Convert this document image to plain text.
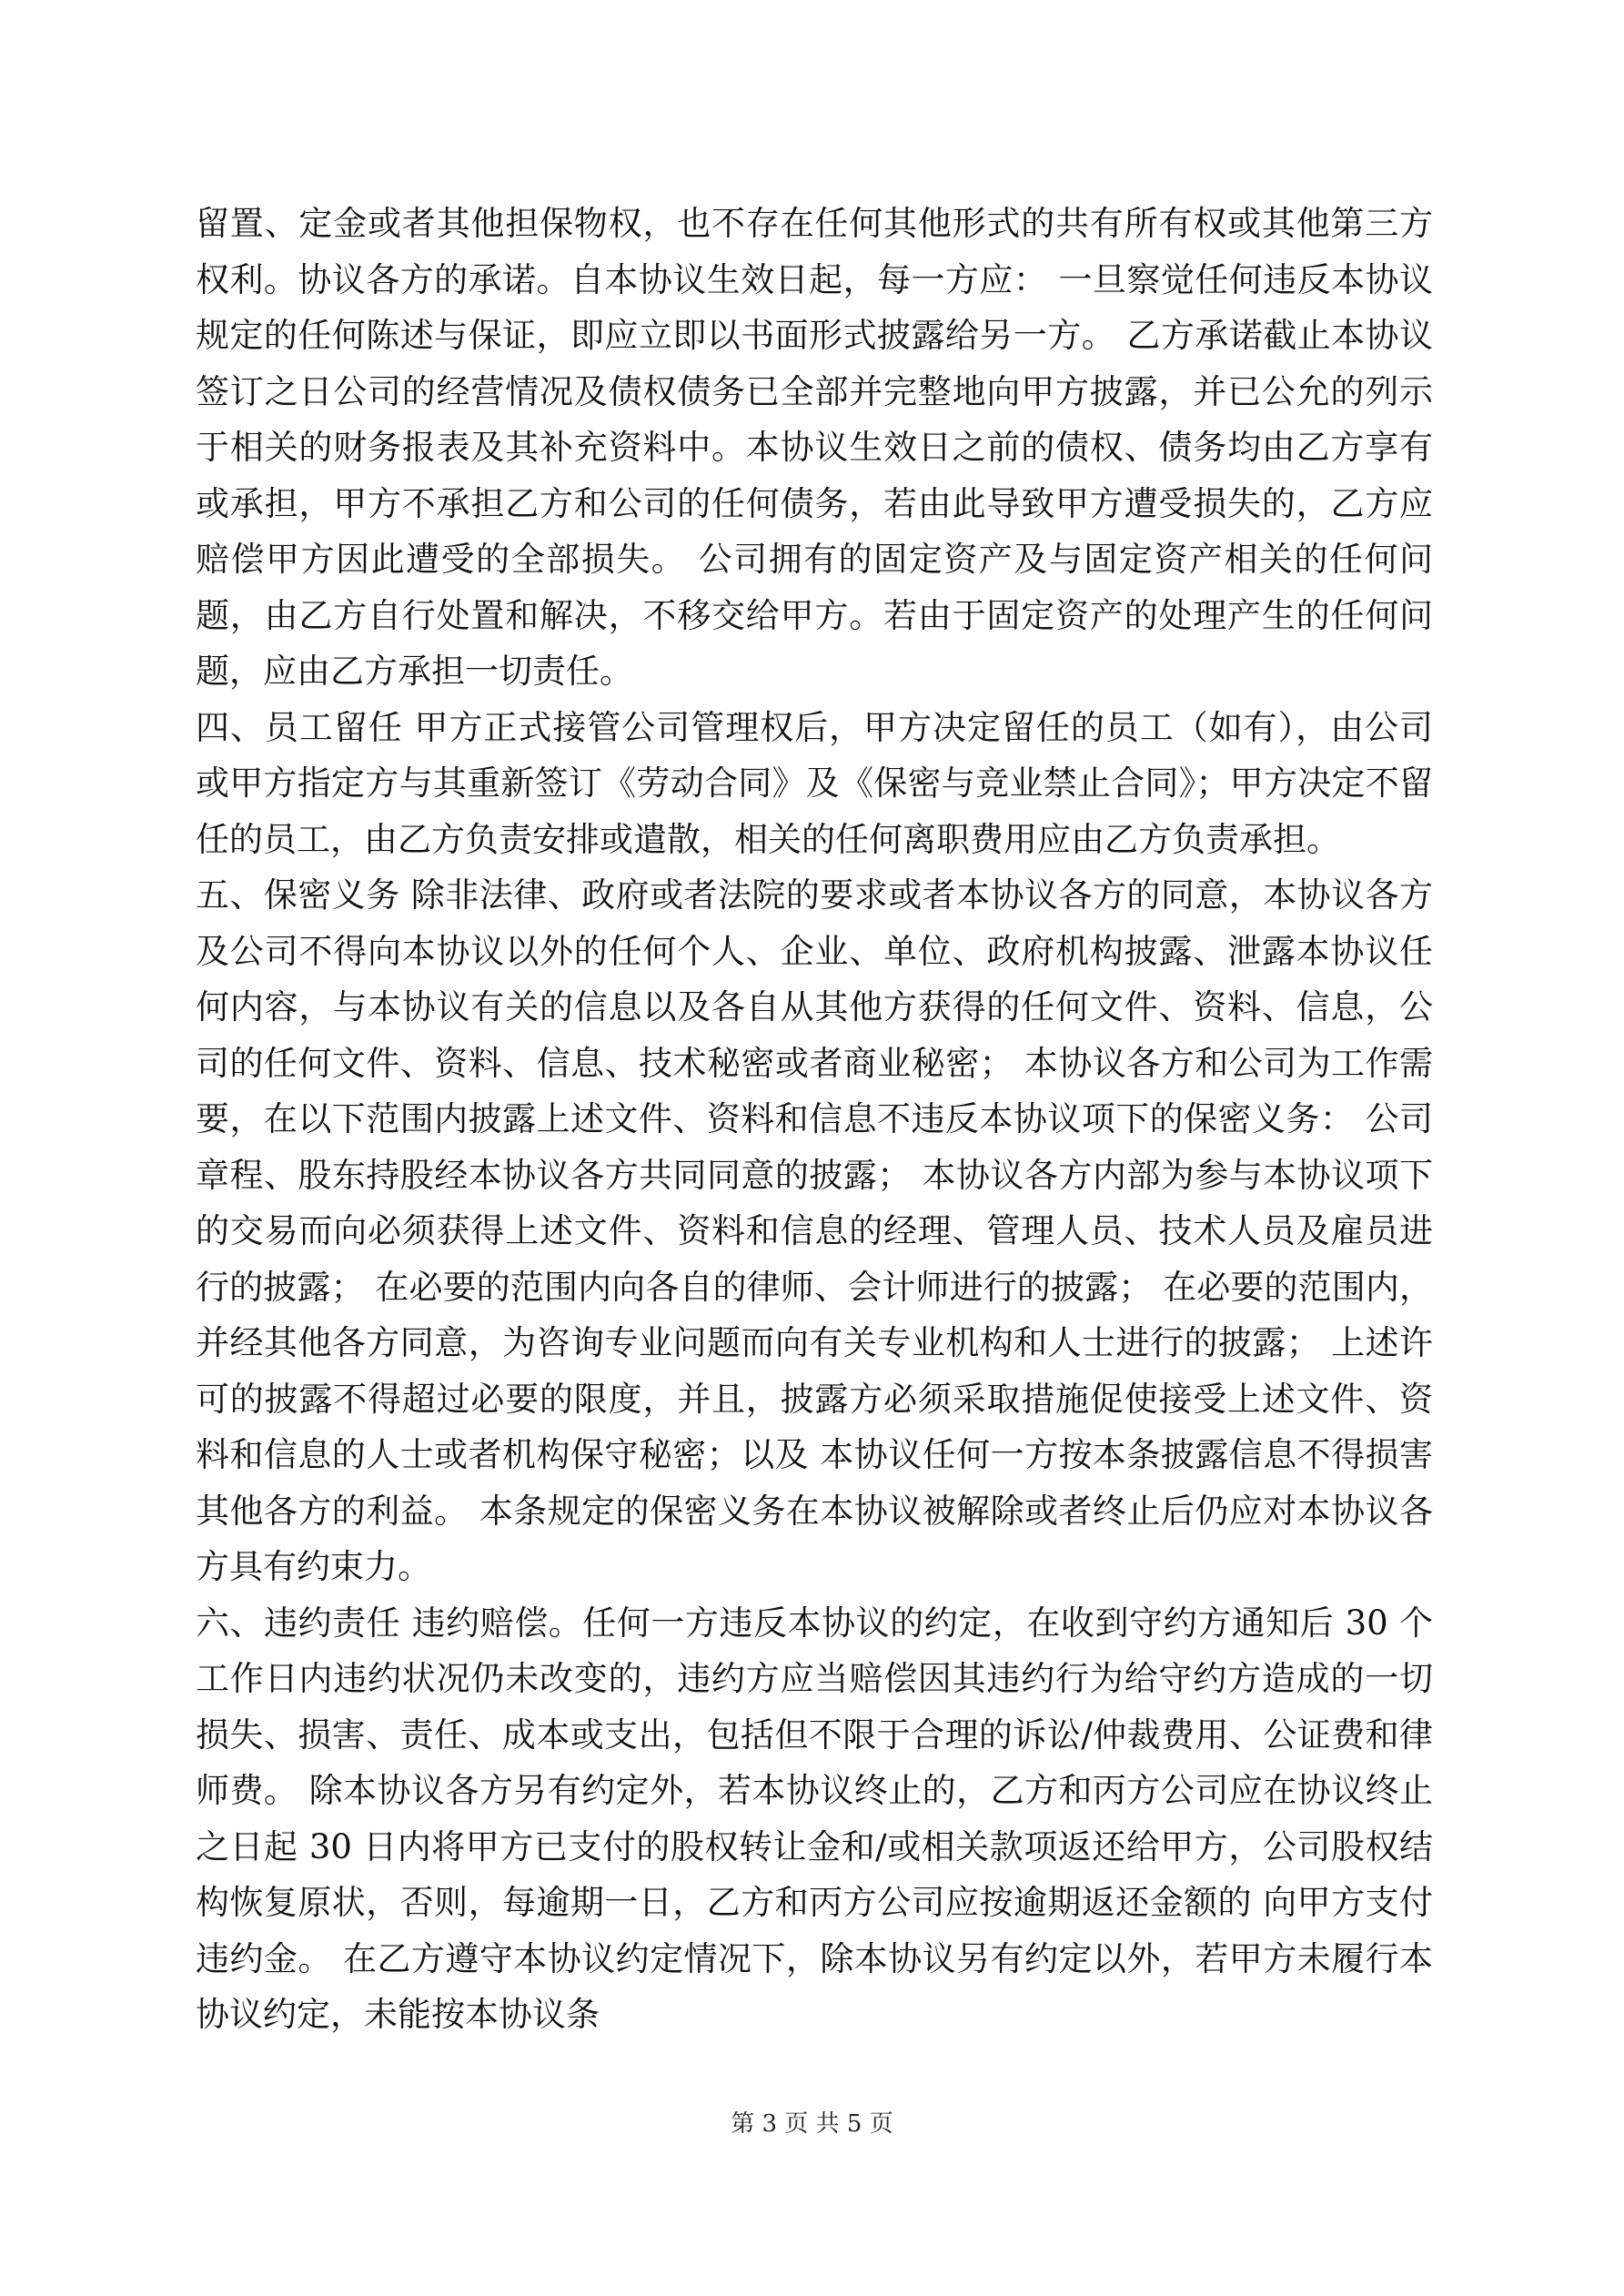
留置、定金或者其他担保物权，也不存在任何其他形式的共有所有权或其他第三方权利。协议各方的承诺。自本协议生效日起，每一方应： 一旦察觉任何违反本协议规定的任何陈述与保证，即应立即以书面形式披露给另一方。 乙方承诺截止本协议签订之日公司的经营情况及债权债务已全部并完整地向甲方披露，并已公允的列示于相关的财务报表及其补充资料中。本协议生效日之前的债权、债务均由乙方享有或承担，甲方不承担乙方和公司的任何债务，若由此导致甲方遭受损失的，乙方应赔偿甲方因此遭受的全部损失。 公司拥有的固定资产及与固定资产相关的任何问题，由乙方自行处置和解决，不移交给甲方。若由于固定资产的处理产生的任何问题，应由乙方承担一切责任。

四、员工留任 甲方正式接管公司管理权后，甲方决定留任的员工（如有），由公司或甲方指定方与其重新签订《劳动合同》及《保密与竞业禁止合同》；甲方决定不留任的员工，由乙方负责安排或遣散，相关的任何离职费用应由乙方负责承担。

五、保密义务 除非法律、政府或者法院的要求或者本协议各方的同意，本协议各方及公司不得向本协议以外的任何个人、企业、单位、政府机构披露、泄露本协议任何内容，与本协议有关的信息以及各自从其他方获得的任何文件、资料、信息，公司的任何文件、资料、信息、技术秘密或者商业秘密； 本协议各方和公司为工作需要，在以下范围内披露上述文件、资料和信息不违反本协议项下的保密义务： 公司章程、股东持股经本协议各方共同同意的披露； 本协议各方内部为参与本协议项下的交易而向必须获得上述文件、资料和信息的经理、管理人员、技术人员及雇员进行的披露； 在必要的范围内向各自的律师、会计师进行的披露； 在必要的范围内，并经其他各方同意，为咨询专业问题而向有关专业机构和人士进行的披露； 上述许可的披露不得超过必要的限度，并且，披露方必须采取措施促使接受上述文件、资料和信息的人士或者机构保守秘密；以及 本协议任何一方按本条披露信息不得损害其他各方的利益。 本条规定的保密义务在本协议被解除或者终止后仍应对本协议各方具有约束力。

六、违约责任 违约赔偿。任何一方违反本协议的约定，在收到守约方通知后 30 个工作日内违约状况仍未改变的，违约方应当赔偿因其违约行为给守约方造成的一切损失、损害、责任、成本或支出，包括但不限于合理的诉讼/仲裁费用、公证费和律师费。 除本协议各方另有约定外，若本协议终止的，乙方和丙方公司应在协议终止之日起 30 日内将甲方已支付的股权转让金和/或相关款项返还给甲方，公司股权结构恢复原状，否则，每逾期一日，乙方和丙方公司应按逾期返还金额的 向甲方支付违约金。 在乙方遵守本协议约定情况下，除本协议另有约定以外，若甲方未履行本协议约定，未能按本协议条

第 3 页 共 5 页
